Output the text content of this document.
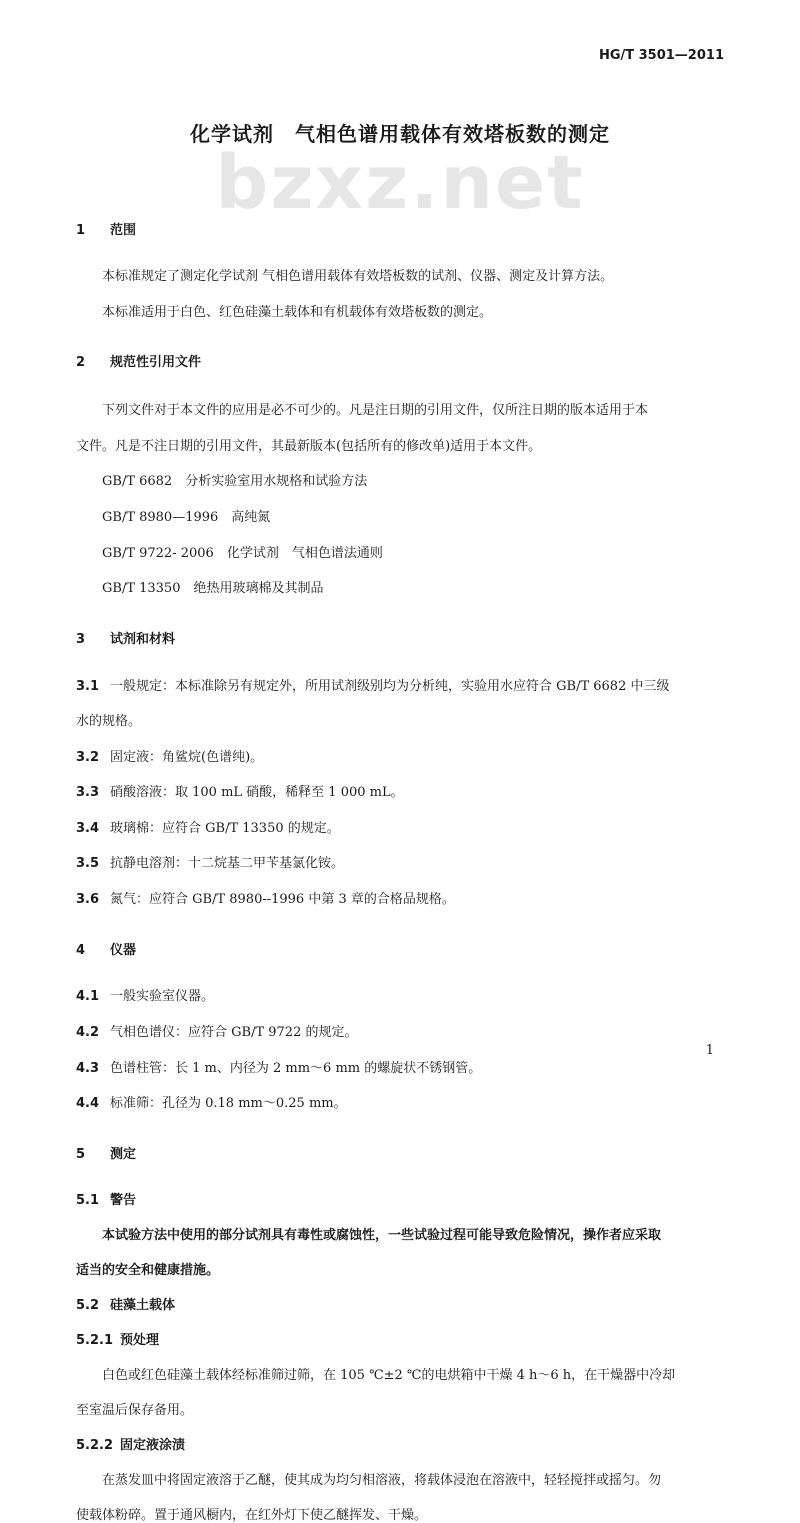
HG/T 3501—2011
bzxz.net
化学试剂　气相色谱用载体有效塔板数的测定
1 范围

本标准规定了测定化学试剂 气相色谱用载体有效塔板数的试剂、仪器、测定及计算方法。

本标准适用于白色、红色硅藻土载体和有机载体有效塔板数的测定。

2 规范性引用文件

下列文件对于本文件的应用是必不可少的。凡是注日期的引用文件，仅所注日期的版本适用于本

文件。凡是不注日期的引用文件，其最新版本(包括所有的修改单)适用于本文件。

GB/T 6682　分析实验室用水规格和试验方法

GB/T 8980—1996　高纯氮

GB/T 9722- 2006　化学试剂　气相色谱法通则

GB/T 13350　绝热用玻璃棉及其制品

3 试剂和材料

3.1 一般规定：本标准除另有规定外，所用试剂级别均为分析纯，实验用水应符合 GB/T 6682 中三级

水的规格。

3.2 固定液：角鲨烷(色谱纯)。

3.3 硝酸溶液：取 100 mL 硝酸，稀释至 1 000 mL。

3.4 玻璃棉：应符合 GB/T 13350 的规定。

3.5 抗静电溶剂：十二烷基二甲苄基氯化铵。

3.6 氮气：应符合 GB/T 8980--1996 中第 3 章的合格品规格。

4 仪器

4.1 一般实验室仪器。

4.2 气相色谱仪：应符合 GB/T 9722 的规定。

4.3 色谱柱管：长 1 m、内径为 2 mm～6 mm 的螺旋状不锈钢管。

4.4 标准筛：孔径为 0.18 mm～0.25 mm。

5 测定

5.1 警告

本试验方法中使用的部分试剂具有毒性或腐蚀性，一些试验过程可能导致危险情况，操作者应采取

适当的安全和健康措施。

5.2 硅藻土载体

5.2.1 预处理

白色或红色硅藻土载体经标准筛过筛，在 105 ℃±2 ℃的电烘箱中干燥 4 h～6 h，在干燥器中冷却

至室温后保存备用。

5.2.2 固定液涂渍

在蒸发皿中将固定液溶于乙醚，使其成为均匀相溶液，将载体浸泡在溶液中，轻轻搅拌或摇匀。勿

使载体粉碎。置于通风橱内，在红外灯下使乙醚挥发、干燥。

1
